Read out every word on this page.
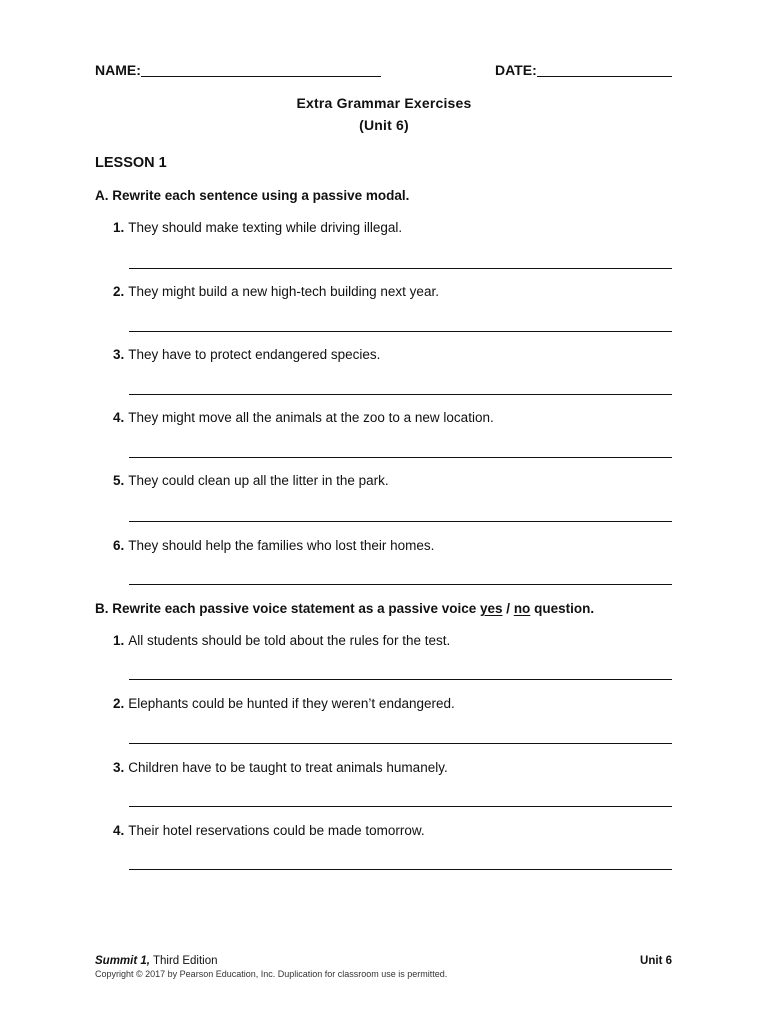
NAME:	DATE:
Extra Grammar Exercises
(Unit 6)
LESSON 1
A. Rewrite each sentence using a passive modal.
1. They should make texting while driving illegal.
2. They might build a new high-tech building next year.
3. They have to protect endangered species.
4. They might move all the animals at the zoo to a new location.
5. They could clean up all the litter in the park.
6. They should help the families who lost their homes.
B. Rewrite each passive voice statement as a passive voice yes / no question.
1. All students should be told about the rules for the test.
2. Elephants could be hunted if they weren’t endangered.
3. Children have to be taught to treat animals humanely.
4. Their hotel reservations could be made tomorrow.
Summit 1, Third Edition
Copyright © 2017 by Pearson Education, Inc. Duplication for classroom use is permitted.
Unit 6
